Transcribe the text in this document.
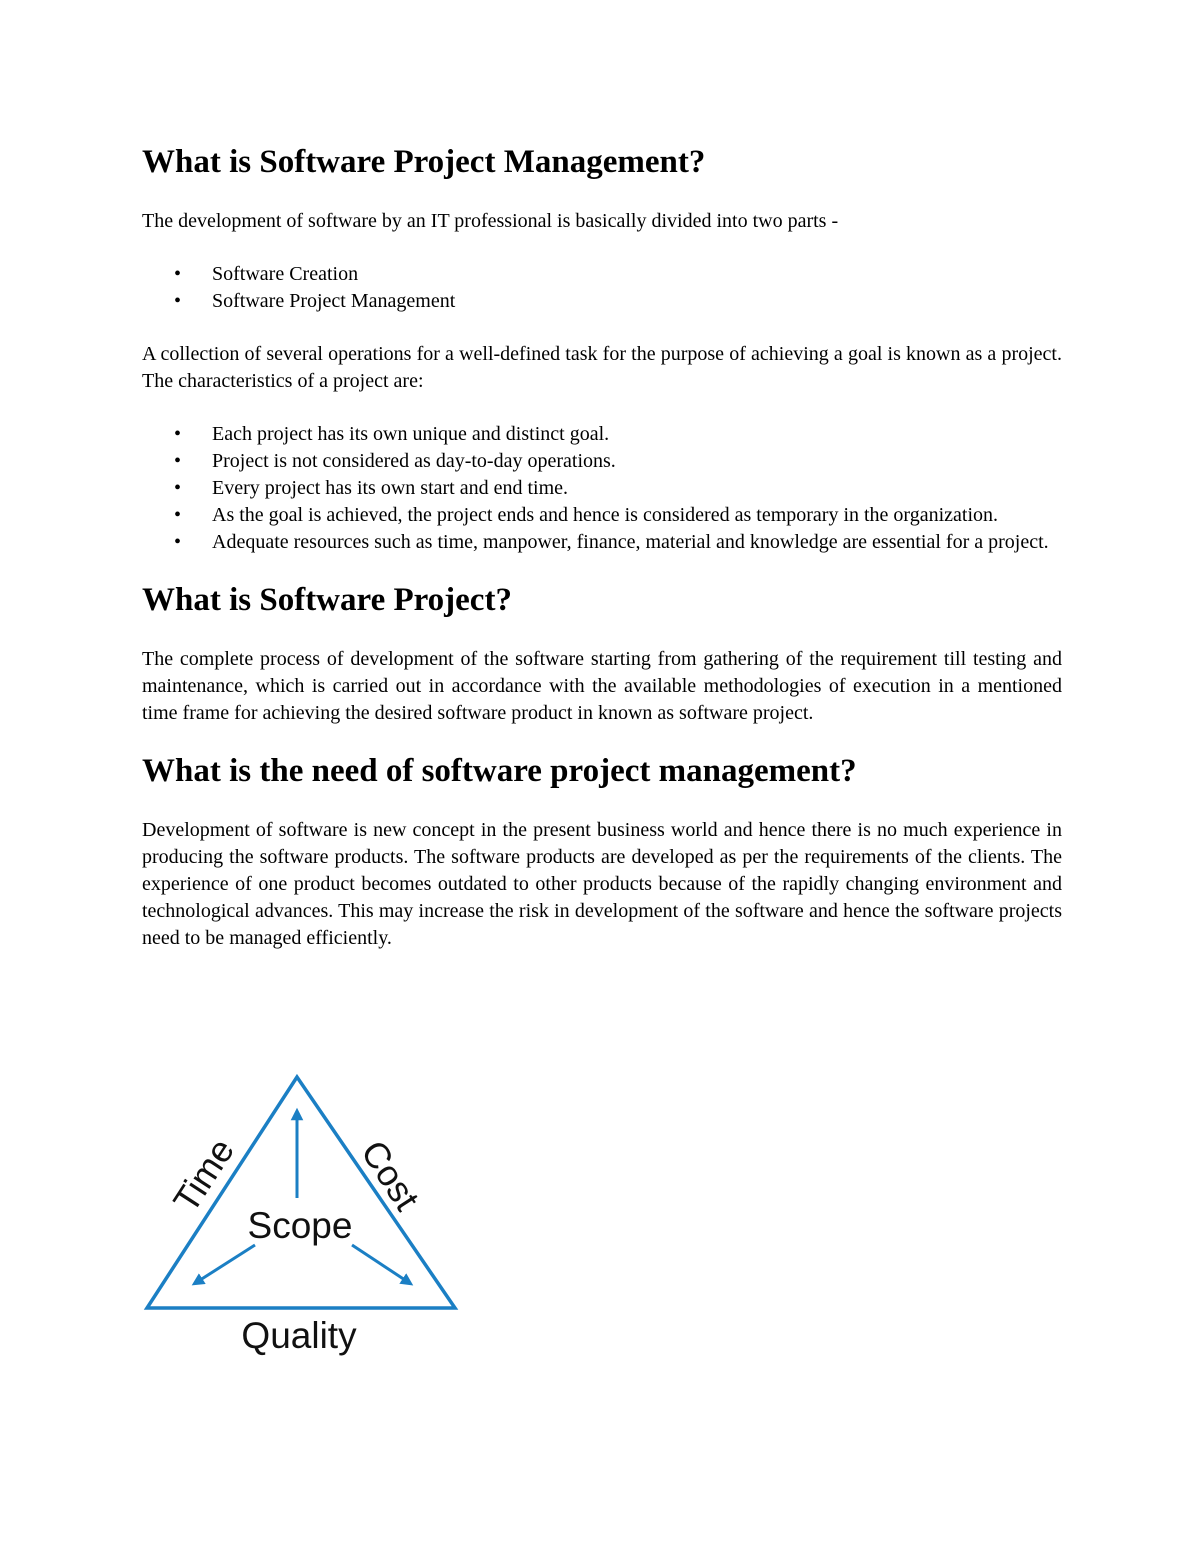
What is Software Project Management?

The development of software by an IT professional is basically divided into two parts -

• Software Creation
• Software Project Management

A collection of several operations for a well-defined task for the purpose of achieving a goal is known as a project. The characteristics of a project are:

• Each project has its own unique and distinct goal.
• Project is not considered as day-to-day operations.
• Every project has its own start and end time.
• As the goal is achieved, the project ends and hence is considered as temporary in the organization.
• Adequate resources such as time, manpower, finance, material and knowledge are essential for a project.
What is Software Project?

The complete process of development of the software starting from gathering of the requirement till testing and maintenance, which is carried out in accordance with the available methodologies of execution in a mentioned time frame for achieving the desired software product in known as software project.

What is the need of software project management?

Development of software is new concept in the present business world and hence there is no much experience in producing the software products. The software products are developed as per the requirements of the clients. The experience of one product becomes outdated to other products because of the rapidly changing environment and technological advances. This may increase the risk in development of the software and hence the software projects need to be managed efficiently.

Time	Cost
Scope
Quality
